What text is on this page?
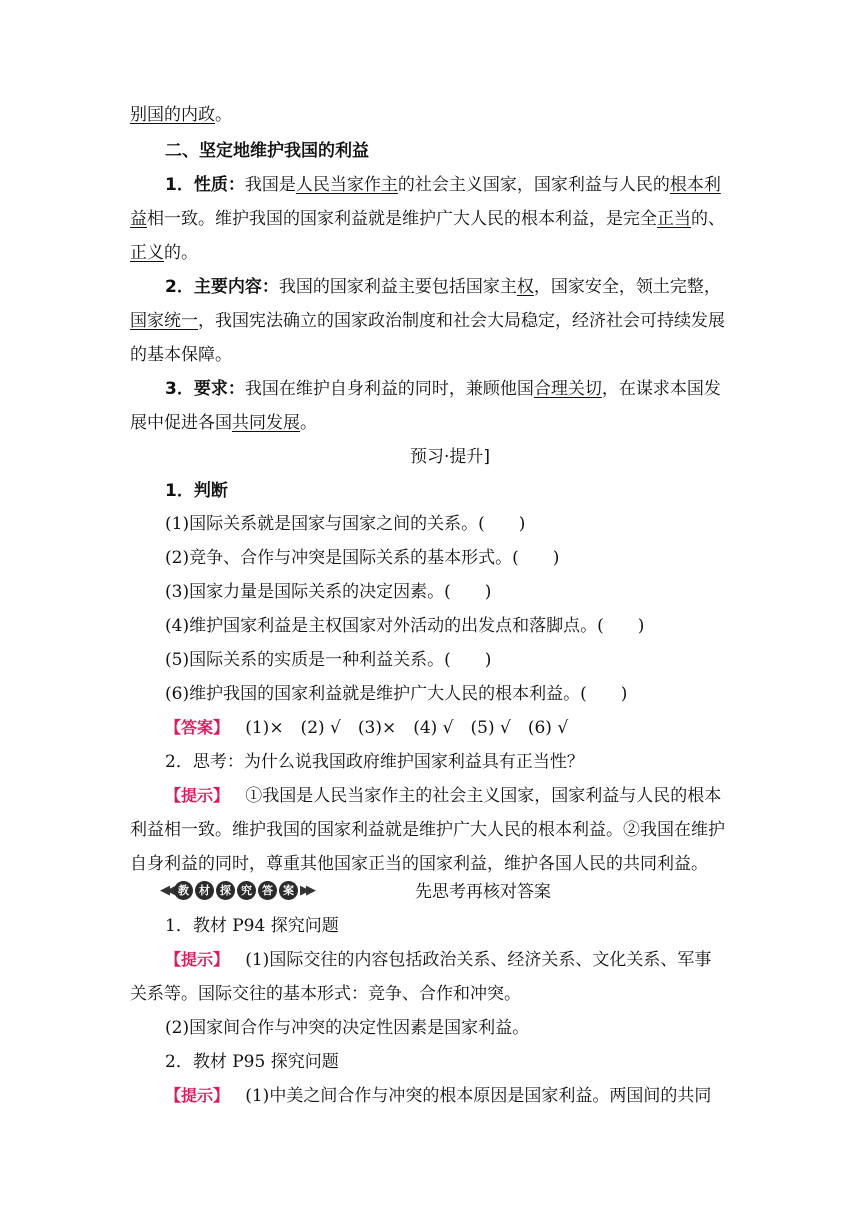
别国的内政。
二、坚定地维护我国的利益
1．性质：我国是人民当家作主的社会主义国家，国家利益与人民的根本利
益相一致。维护我国的国家利益就是维护广大人民的根本利益，是完全正当的、
正义的。
2．主要内容：我国的国家利益主要包括国家主权，国家安全，领土完整，
国家统一，我国宪法确立的国家政治制度和社会大局稳定，经济社会可持续发展
的基本保障。
3．要求：我国在维护自身利益的同时，兼顾他国合理关切，在谋求本国发
展中促进各国共同发展。
预习·提升]
1．判断
(1)国际关系就是国家与国家之间的关系。(　　)
(2)竞争、合作与冲突是国际关系的基本形式。(　　)
(3)国家力量是国际关系的决定因素。(　　)
(4)维护国家利益是主权国家对外活动的出发点和落脚点。(　　)
(5)国际关系的实质是一种利益关系。(　　)
(6)维护我国的国家利益就是维护广大人民的根本利益。(　　)
【答案】 (1)×　(2) √　(3)×　(4) √　(5) √　(6) √
2．思考：为什么说我国政府维护国家利益具有正当性？
【提示】 ①我国是人民当家作主的社会主义国家，国家利益与人民的根本
利益相一致。维护我国的国家利益就是维护广大人民的根本利益。②我国在维护
自身利益的同时，尊重其他国家正当的国家利益，维护各国人民的共同利益。
◀◀ 教 材 探 究 答 案 ▶▶	先思考再核对答案
1．教材 P94 探究问题
【提示】 (1)国际交往的内容包括政治关系、经济关系、文化关系、军事
关系等。国际交往的基本形式：竞争、合作和冲突。
(2)国家间合作与冲突的决定性因素是国家利益。
2．教材 P95 探究问题
【提示】 (1)中美之间合作与冲突的根本原因是国家利益。两国间的共同
